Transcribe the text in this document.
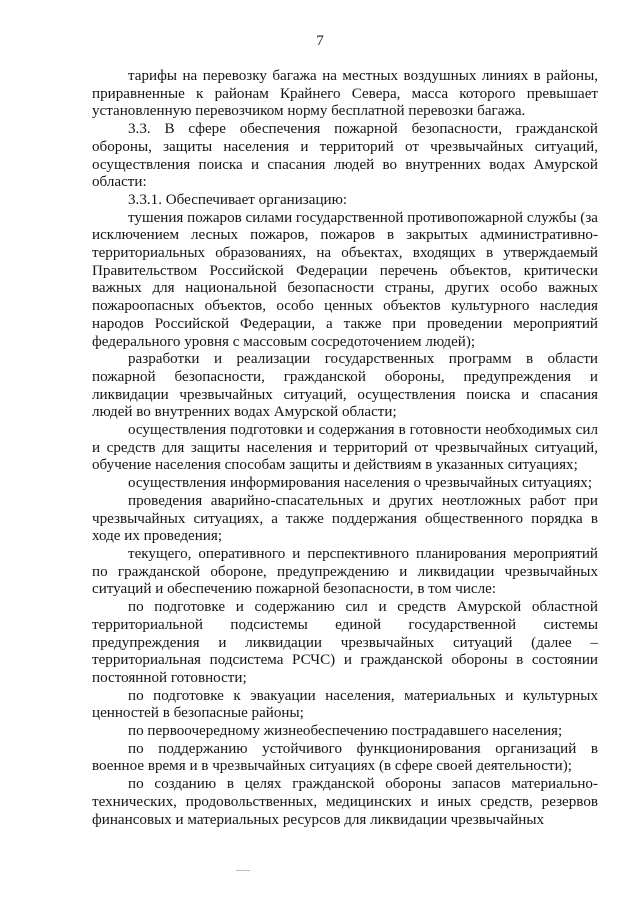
7

тарифы на перевозку багажа на местных воздушных линиях в районы, приравненные к районам Крайнего Севера, масса которого превышает установленную перевозчиком норму бесплатной перевозки багажа.

3.3. В сфере обеспечения пожарной безопасности, гражданской обороны, защиты населения и территорий от чрезвычайных ситуаций, осуществления поиска и спасания людей во внутренних водах Амурской области:

3.3.1. Обеспечивает организацию:

тушения пожаров силами государственной противопожарной службы (за исключением лесных пожаров, пожаров в закрытых административно-территориальных образованиях, на объектах, входящих в утверждаемый Правительством Российской Федерации перечень объектов, критически важных для национальной безопасности страны, других особо важных пожароопасных объектов, особо ценных объектов культурного наследия народов Российской Федерации, а также при проведении мероприятий федерального уровня с массовым сосредоточением людей);

разработки и реализации государственных программ в области пожарной безопасности, гражданской обороны, предупреждения и ликвидации чрезвычайных ситуаций, осуществления поиска и спасания людей во внутренних водах Амурской области;

осуществления подготовки и содержания в готовности необходимых сил и средств для защиты населения и территорий от чрезвычайных ситуаций, обучение населения способам защиты и действиям в указанных ситуациях;

осуществления информирования населения о чрезвычайных ситуациях;

проведения аварийно-спасательных и других неотложных работ при чрезвычайных ситуациях, а также поддержания общественного порядка в ходе их проведения;

текущего, оперативного и перспективного планирования мероприятий по гражданской обороне, предупреждению и ликвидации чрезвычайных ситуаций и обеспечению пожарной безопасности, в том числе:

по подготовке и содержанию сил и средств Амурской областной территориальной подсистемы единой государственной системы предупреждения и ликвидации чрезвычайных ситуаций (далее – территориальная подсистема РСЧС) и гражданской обороны в состоянии постоянной готовности;

по подготовке к эвакуации населения, материальных и культурных ценностей в безопасные районы;

по первоочередному жизнеобеспечению пострадавшего населения;

по поддержанию устойчивого функционирования организаций в военное время и в чрезвычайных ситуациях (в сфере своей деятельности);

по созданию в целях гражданской обороны запасов материально-технических, продовольственных, медицинских и иных средств, резервов финансовых и материальных ресурсов для ликвидации чрезвычайных
